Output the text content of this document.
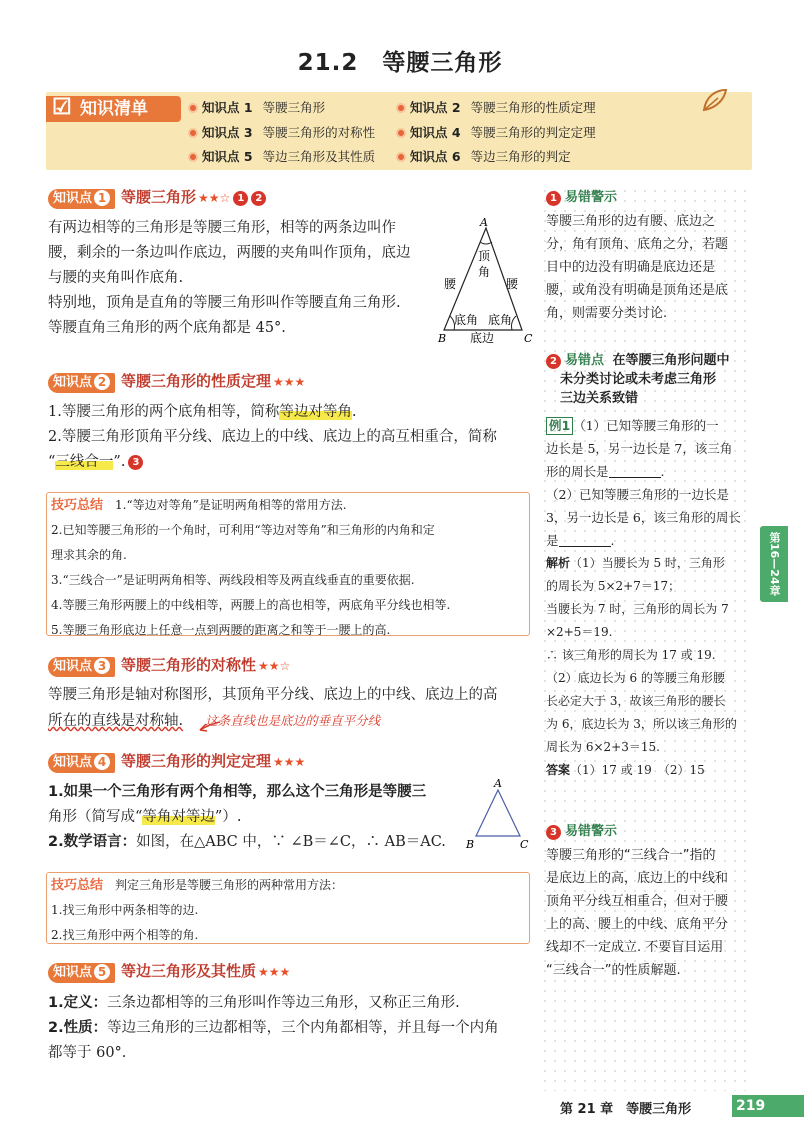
21.2　等腰三角形
知识清单
☑	知识点 1 等腰三角形	知识点 2 等腰三角形的性质定理
知识点 3 等腰三角形的对称性	知识点 4 等腰三角形的判定定理
知识点 5 等边三角形及其性质	知识点 6 等边三角形的判定
知识点 1 等腰三角形 ★★☆ 1 2
有两边相等的三角形是等腰三角形，相等的两条边叫作
腰，剩余的一条边叫作底边，两腰的夹角叫作顶角，底边
与腰的夹角叫作底角.
特别地，顶角是直角的等腰三角形叫作等腰直角三角形.
等腰直角三角形的两个底角都是 45°.
A
B	C
顶
角
腰	腰
底角 底角
底边
知识点 2 等腰三角形的性质定理 ★★★
1.等腰三角形的两个底角相等，简称等边对等角.
2.等腰三角形顶角平分线、底边上的中线、底边上的高互相重合，简称
“三线合一”. 3
技巧总结　 1.“等边对等角”是证明两角相等的常用方法.
2.已知等腰三角形的一个角时，可利用“等边对等角”和三角形的内角和定
理求其余的角.
3.“三线合一”是证明两角相等、两线段相等及两直线垂直的重要依据.
4.等腰三角形两腰上的中线相等，两腰上的高也相等，两底角平分线也相等.
5.等腰三角形底边上任意一点到两腰的距离之和等于一腰上的高.
知识点 3 等腰三角形的对称性 ★★☆
等腰三角形是轴对称图形，其顶角平分线、底边上的中线、底边上的高
所在的直线是对称轴. 这条直线也是底边的垂直平分线
知识点 4 等腰三角形的判定定理 ★★★
1.如果一个三角形有两个角相等，那么这个三角形是等腰三
角形（简写成“等角对等边”）.
2.数学语言：如图，在△ABC 中，∵ ∠B＝∠C，∴ AB＝AC.
A
B	C
技巧总结　 判定三角形是等腰三角形的两种常用方法：
1.找三角形中两条相等的边.
2.找三角形中两个相等的角.
知识点 5 等边三角形及其性质 ★★★
1.定义：三条边都相等的三角形叫作等边三角形，又称正三角形.
2.性质：等边三角形的三边都相等，三个内角都相等，并且每一个内角
都等于 60°.
1 易错警示
等腰三角形的边有腰、底边之
分，角有顶角、底角之分，若题
目中的边没有明确是底边还是
腰，或角没有明确是顶角还是底
角，则需要分类讨论.
2 易错点 在等腰三角形问题中
未分类讨论或未考虑三角形
三边关系致错
例1 （1）已知等腰三角形的一
边长是 5，另一边长是 7，该三角
形的周长是	.
（2）已知等腰三角形的一边长是
3，另一边长是 6，该三角形的周长
是	.
解析（1）当腰长为 5 时，三角形
的周长为 5×2+7＝17；
当腰长为 7 时，三角形的周长为 7
×2+5＝19.
∴ 该三角形的周长为 17 或 19.
（2）底边长为 6 的等腰三角形腰
长必定大于 3，故该三角形的腰长
为 6，底边长为 3，所以该三角形的
周长为 6×2+3＝15.
答案（1）17 或 19　（2）15
3 易错警示
等腰三角形的“三线合一”指的
是底边上的高，底边上的中线和
顶角平分线互相重合，但对于腰
上的高、腰上的中线、底角平分
线却不一定成立. 不要盲目运用
“三线合一”的性质解题.
第16—24章
第 21 章　等腰三角形	219
